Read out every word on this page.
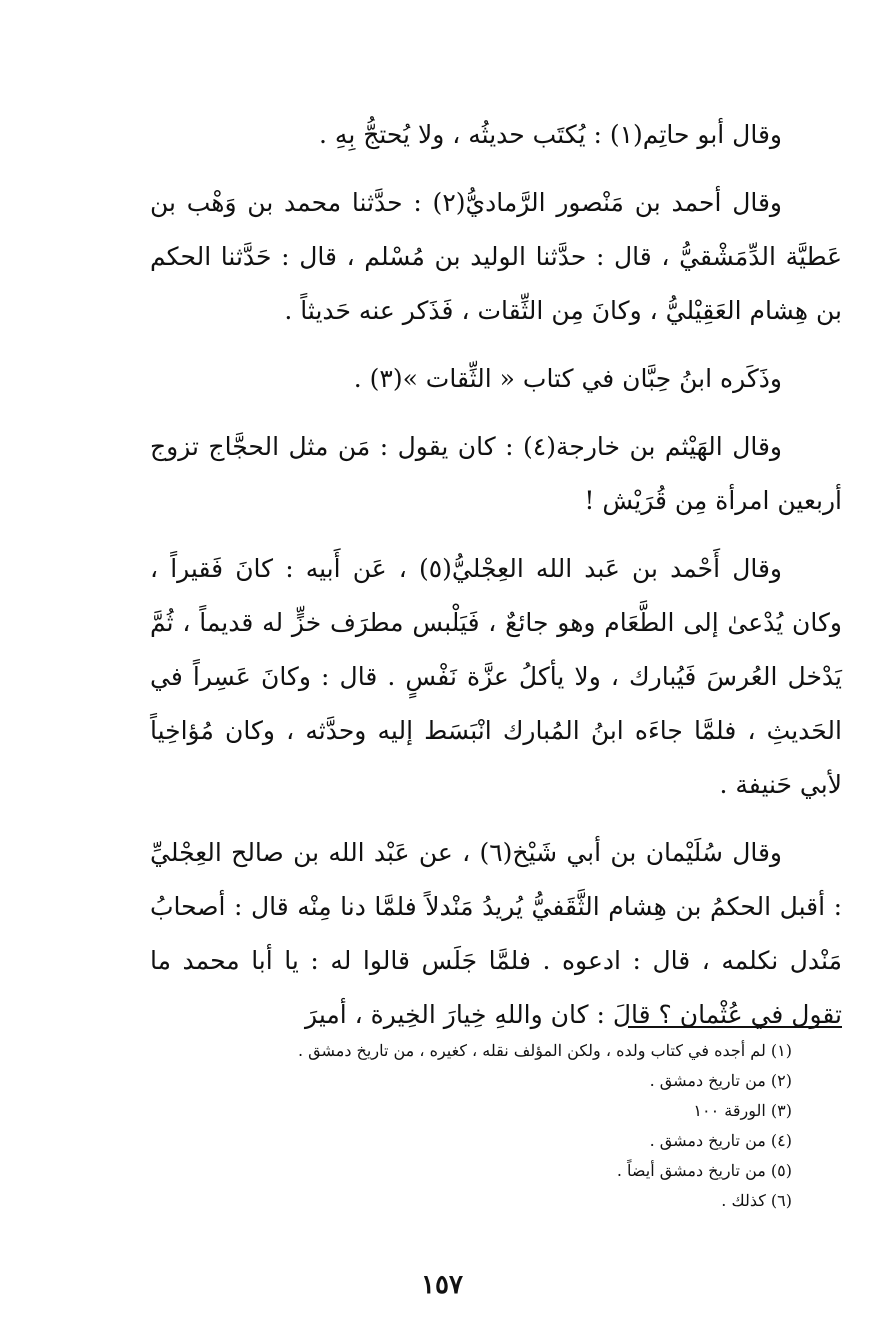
وقال أبو حاتِم(١) : يُكتَب حديثُه ، ولا يُحتجُّ بِهِ .

وقال أحمد بن مَنْصور الرَّماديُّ(٢) : حدَّثنا محمد بن وَهْب بن عَطيَّة الدِّمَشْقيُّ ، قال : حدَّثنا الوليد بن مُسْلم ، قال : حَدَّثنا الحكم بن هِشام العَقِيْليُّ ، وكانَ مِن الثِّقات ، فَذَكر عنه حَديثاً .

وذَكَره ابنُ حِبَّان في كتاب « الثِّقات »(٣) .

وقال الهَيْثم بن خارجة(٤) : كان يقول : مَن مثل الحجَّاج تزوج أربعين امرأة مِن قُرَيْش !

وقال أَحْمد بن عَبد الله العِجْليُّ(٥) ، عَن أَبيه : كانَ فَقيراً ، وكان يُدْعىٰ إلى الطَّعَام وهو جائعٌ ، فَيَلْبس مطرَف خزٍّ له قديماً ، ثُمَّ يَدْخل العُرسَ فَيُبارك ، ولا يأكلُ عزَّة نَفْسٍ . قال : وكانَ عَسِراً في الحَديثِ ، فلمَّا جاءَه ابنُ المُبارك انْبَسَط إليه وحدَّثه ، وكان مُؤاخِياً لأبي حَنيفة .

وقال سُلَيْمان بن أبي شَيْخ(٦) ، عن عَبْد الله بن صالح العِجْليِّ : أقبل الحكمُ بن هِشام الثَّقَفيُّ يُريدُ مَنْدلاً فلمَّا دنا مِنْه قال : أصحابُ مَنْدل نكلمه ، قال : ادعوه . فلمَّا جَلَس قالوا له : يا أبا محمد ما تقول في عُثْمان ؟ قالَ : كان واللهِ خِيارَ الخِيرة ، أميرَ

(١) لم أجده في كتاب ولده ، ولكن المؤلف نقله ، كغيره ، من تاريخ دمشق .

(٢) من تاريخ دمشق .

(٣) الورقة ١٠٠

(٤) من تاريخ دمشق .

(٥) من تاريخ دمشق أيضاً .

(٦) كذلك .

١٥٧
